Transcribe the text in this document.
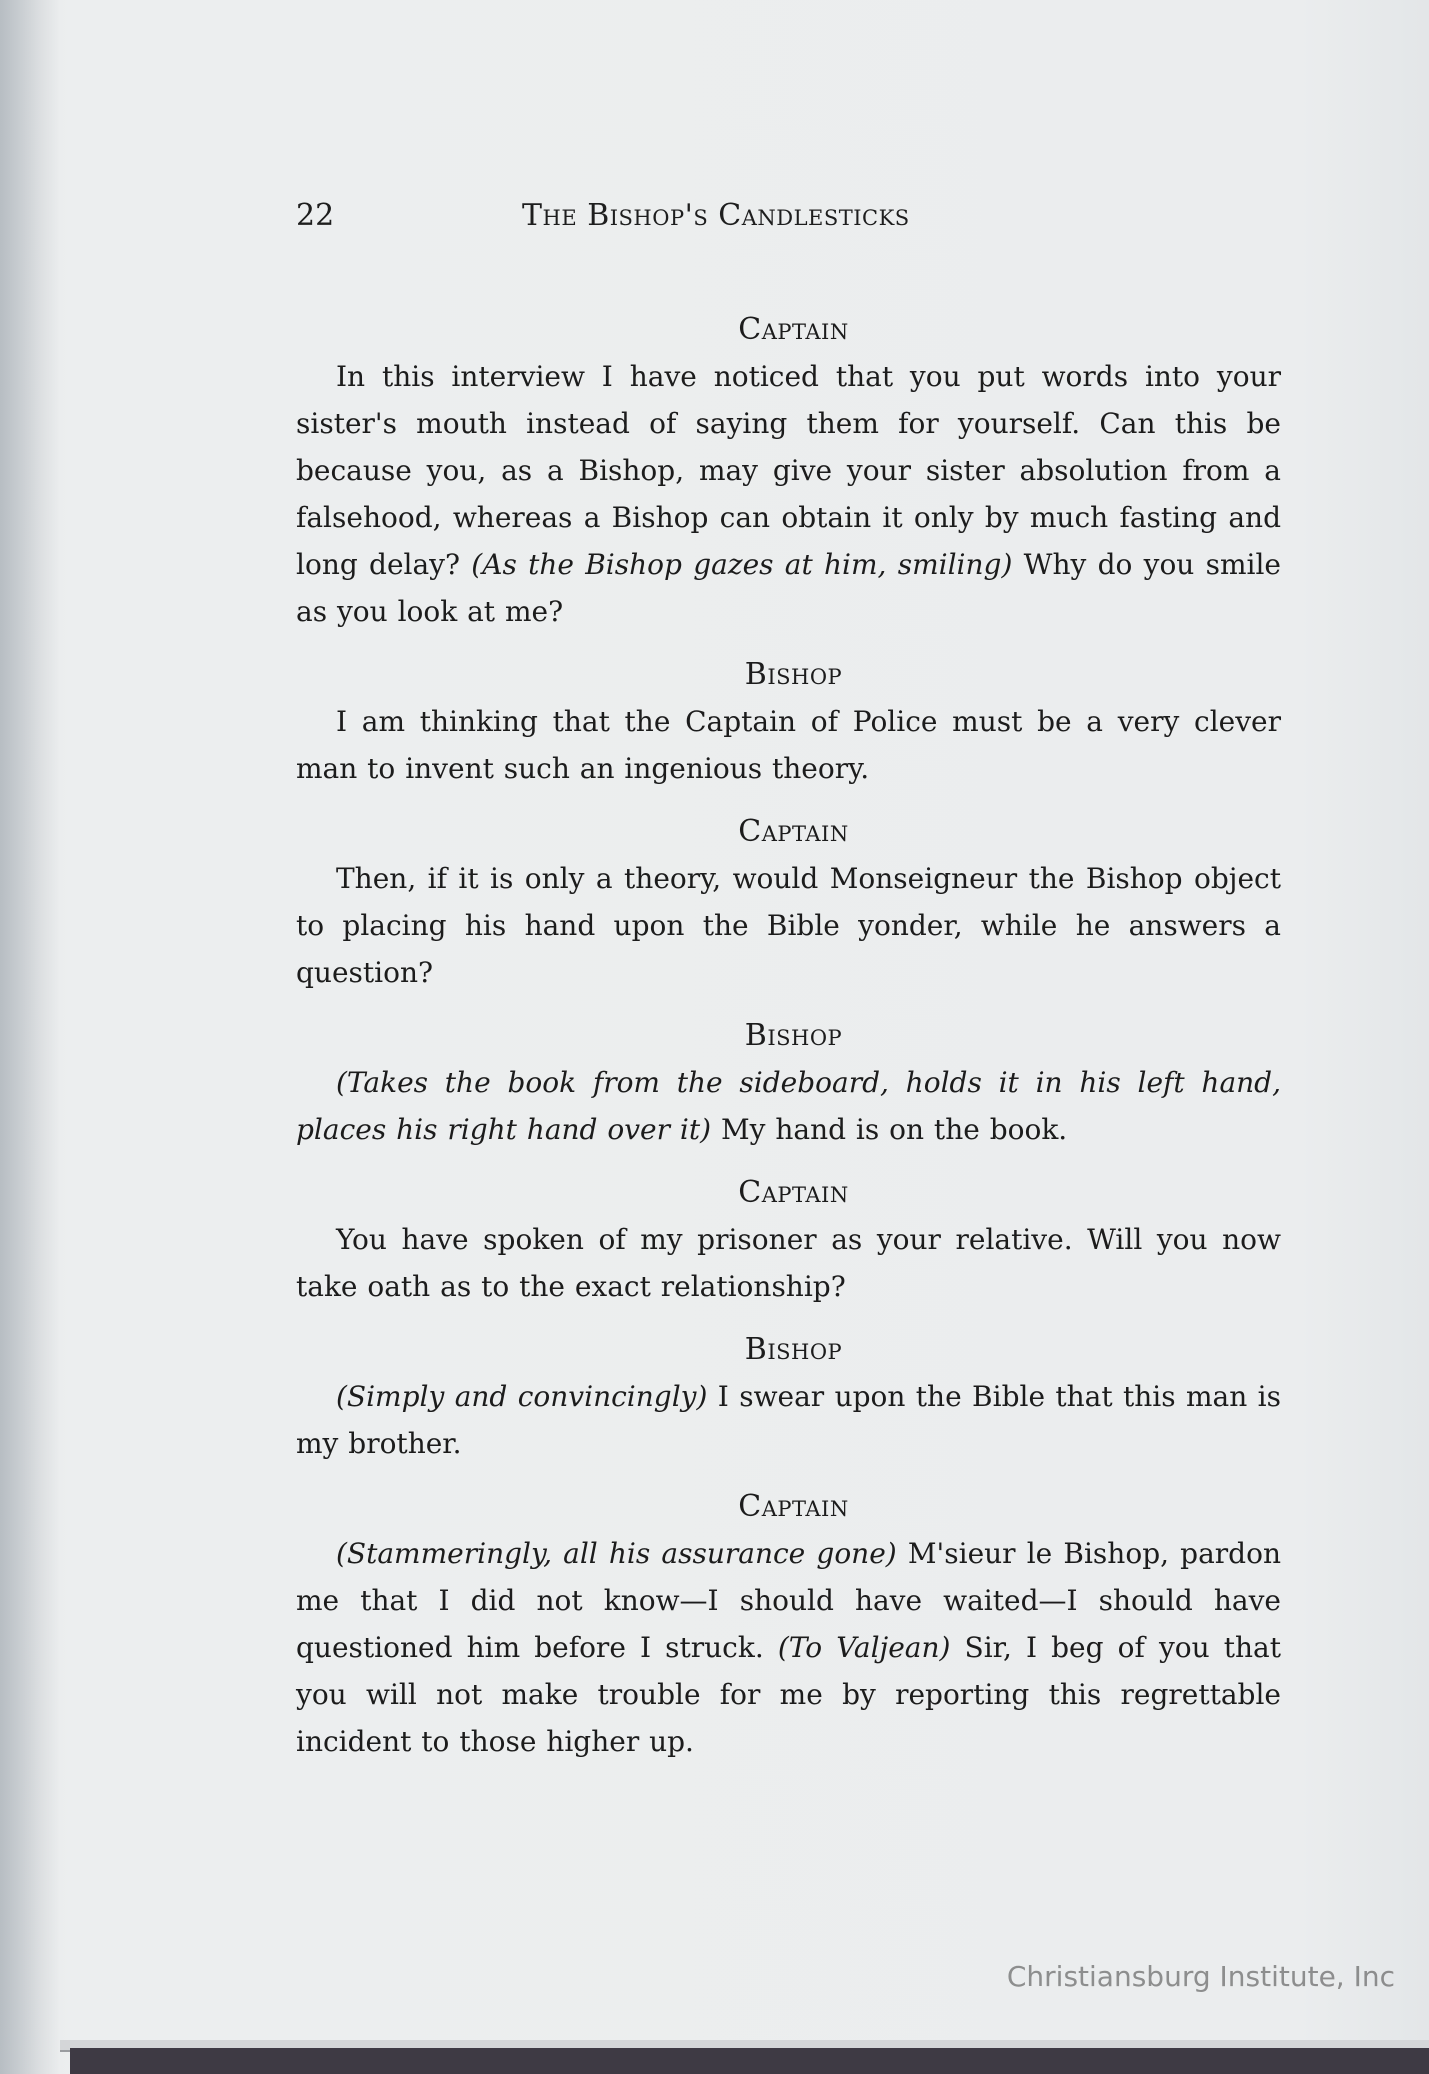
22	The Bishop's Candlesticks

Captain

In this interview I have noticed that you put words into your sister's mouth instead of saying them for yourself. Can this be because you, as a Bishop, may give your sister absolution from a falsehood, whereas a Bishop can obtain it only by much fasting and long delay? (As the Bishop gazes at him, smiling) Why do you smile as you look at me?

Bishop

I am thinking that the Captain of Police must be a very clever man to invent such an ingenious theory.

Captain

Then, if it is only a theory, would Monseigneur the Bishop object to placing his hand upon the Bible yonder, while he answers a question?

Bishop

(Takes the book from the sideboard, holds it in his left hand, places his right hand over it) My hand is on the book.

Captain

You have spoken of my prisoner as your relative. Will you now take oath as to the exact relationship?

Bishop

(Simply and convincingly) I swear upon the Bible that this man is my brother.

Captain

(Stammeringly, all his assurance gone) M'sieur le Bishop, pardon me that I did not know—I should have waited—I should have questioned him before I struck. (To Valjean) Sir, I beg of you that you will not make trouble for me by reporting this regrettable incident to those higher up.

Christiansburg Institute, Inc
